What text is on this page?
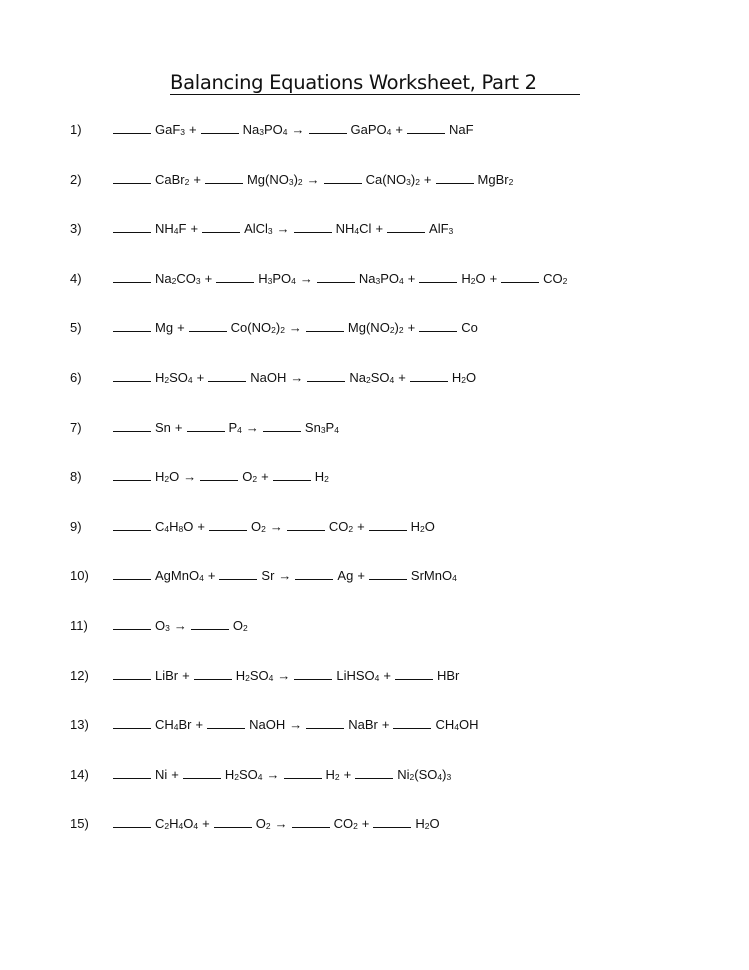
Balancing Equations Worksheet, Part 2
1)	GaF$_3$ +	$Na_3PO_4$ →	GaPO$_4$ +	NaF
2)	CaBr$_2$ +	$Mg(NO_3)_2$ →	$Ca(NO_3)_2$ +	MgBr$_2$
3)	$NH_4F$ +	AlCl$_3$ →	$NH_4Cl$ +	AlF$_3$
4)	$Na_2CO_3$ +	$H_3PO_4$ →	$Na_3PO_4$ +	$H_2O$ +	$CO_2$
5)	Mg +	$Co(NO_2)_2$ →	$Mg(NO_2)_2$ +	Co
6)	$H_2SO_4$ +	NaOH →	$Na_2SO_4$ +	$H_2O$
7)	Sn +	$P_4$ →	$Sn_3P_4$
8)	$H_2O$ →	$O_2$ +	$H_2$
9)	$C_4H_8O$ +	$O_2$ →	$CO_2$ +	$H_2O$
10)	AgMnO$_4$ +	Sr →	Ag +	SrMnO$_4$
11)	$O_3$ →	$O_2$
12)	LiBr +	$H_2SO_4$ →	LiHSO$_4$ +	HBr
13)	$CH_4Br$ +	NaOH →	NaBr +	$CH_4OH$
14)	Ni +	$H_2SO_4$ →	$H_2$ +	$Ni_2(SO_4)_3$
15)	$C_2H_4O_4$ +	$O_2$ →	$CO_2$ +	$H_2O$
